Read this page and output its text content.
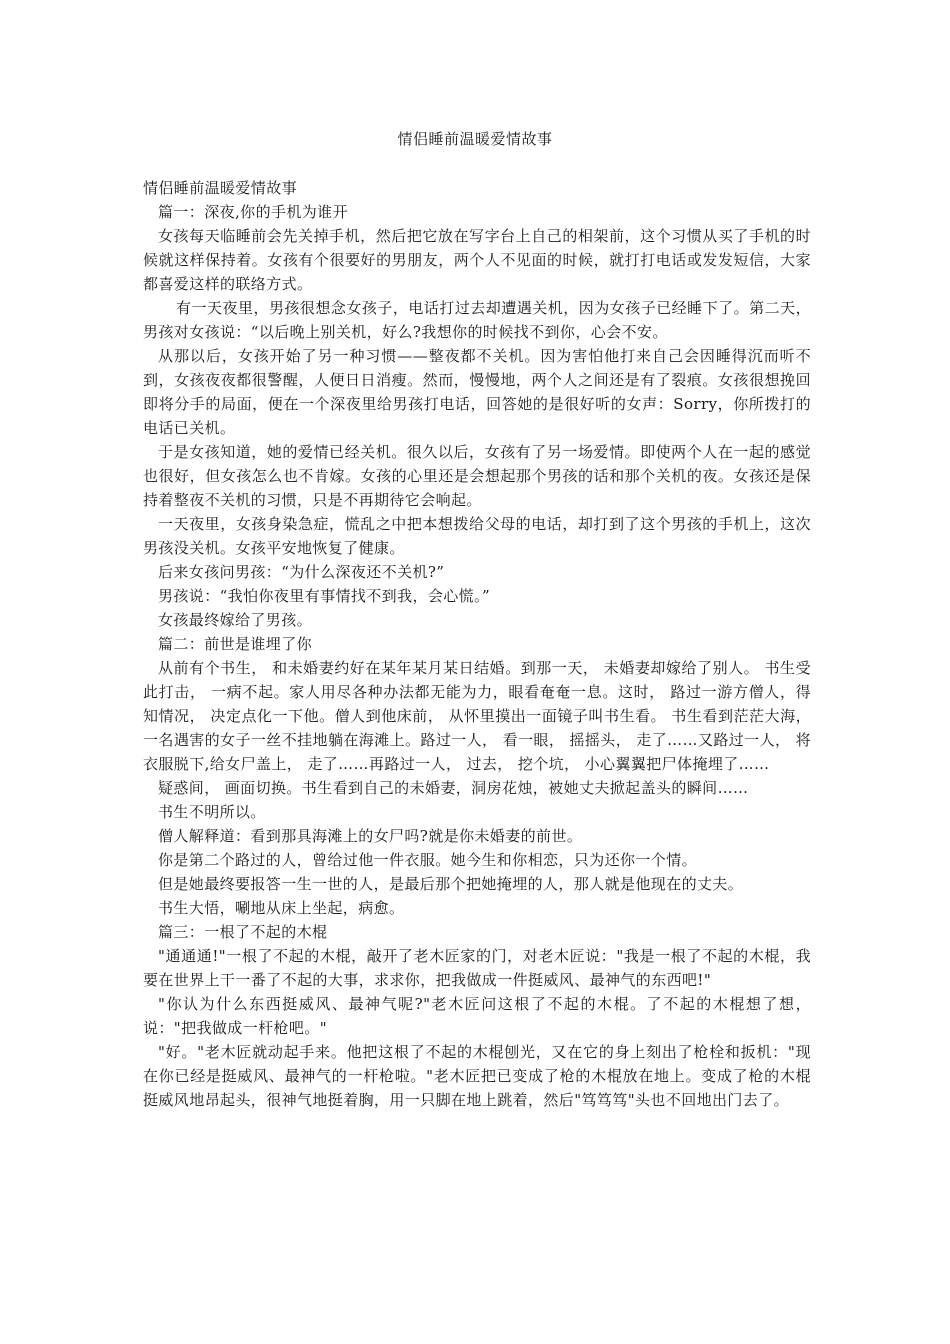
情侣睡前温暖爱情故事

情侣睡前温暖爱情故事

篇一：深夜,你的手机为谁开

女孩每天临睡前会先关掉手机，然后把它放在写字台上自己的相架前，这个习惯从买了手机的时候就这样保持着。女孩有个很要好的男朋友，两个人不见面的时候，就打打电话或发发短信，大家都喜爱这样的联络方式。

有一天夜里，男孩很想念女孩子，电话打过去却遭遇关机，因为女孩子已经睡下了。第二天，男孩对女孩说：“以后晚上别关机，好么?我想你的时候找不到你，心会不安。

从那以后，女孩开始了另一种习惯——整夜都不关机。因为害怕他打来自己会因睡得沉而听不到，女孩夜夜都很警醒，人便日日消瘦。然而，慢慢地，两个人之间还是有了裂痕。女孩很想挽回即将分手的局面，便在一个深夜里给男孩打电话，回答她的是很好听的女声：Sorry，你所拨打的电话已关机。

于是女孩知道，她的爱情已经关机。很久以后，女孩有了另一场爱情。即使两个人在一起的感觉也很好，但女孩怎么也不肯嫁。女孩的心里还是会想起那个男孩的话和那个关机的夜。女孩还是保持着整夜不关机的习惯，只是不再期待它会响起。

一天夜里，女孩身染急症，慌乱之中把本想拨给父母的电话，却打到了这个男孩的手机上，这次男孩没关机。女孩平安地恢复了健康。

后来女孩问男孩：“为什么深夜还不关机?”

男孩说：“我怕你夜里有事情找不到我，会心慌。”

女孩最终嫁给了男孩。

篇二：前世是谁埋了你

从前有个书生， 和未婚妻约好在某年某月某日结婚。到那一天， 未婚妻却嫁给了别人。 书生受此打击， 一病不起。家人用尽各种办法都无能为力，眼看奄奄一息。这时， 路过一游方僧人，得知情况， 决定点化一下他。僧人到他床前， 从怀里摸出一面镜子叫书生看。 书生看到茫茫大海，一名遇害的女子一丝不挂地躺在海滩上。路过一人， 看一眼， 摇摇头， 走了……又路过一人， 将衣服脱下,给女尸盖上， 走了……再路过一人， 过去， 挖个坑， 小心翼翼把尸体掩埋了……

疑惑间， 画面切换。书生看到自己的未婚妻，洞房花烛，被她丈夫掀起盖头的瞬间……

书生不明所以。

僧人解释道：看到那具海滩上的女尸吗?就是你未婚妻的前世。

你是第二个路过的人，曾给过他一件衣服。她今生和你相恋，只为还你一个情。

但是她最终要报答一生一世的人，是最后那个把她掩埋的人，那人就是他现在的丈夫。

书生大悟，唰地从床上坐起，病愈。

篇三：一根了不起的木棍

"通通通!"一根了不起的木棍，敲开了老木匠家的门，对老木匠说："我是一根了不起的木棍，我要在世界上干一番了不起的大事，求求你，把我做成一件挺威风、最神气的东西吧!"

"你认为什么东西挺威风、最神气呢?"老木匠问这根了不起的木棍。了不起的木棍想了想，说："把我做成一杆枪吧。"

"好。"老木匠就动起手来。他把这根了不起的木棍刨光，又在它的身上刻出了枪栓和扳机："现在你已经是挺威风、最神气的一杆枪啦。"老木匠把已变成了枪的木棍放在地上。变成了枪的木棍挺威风地昂起头，很神气地挺着胸，用一只脚在地上跳着，然后"笃笃笃"头也不回地出门去了。
